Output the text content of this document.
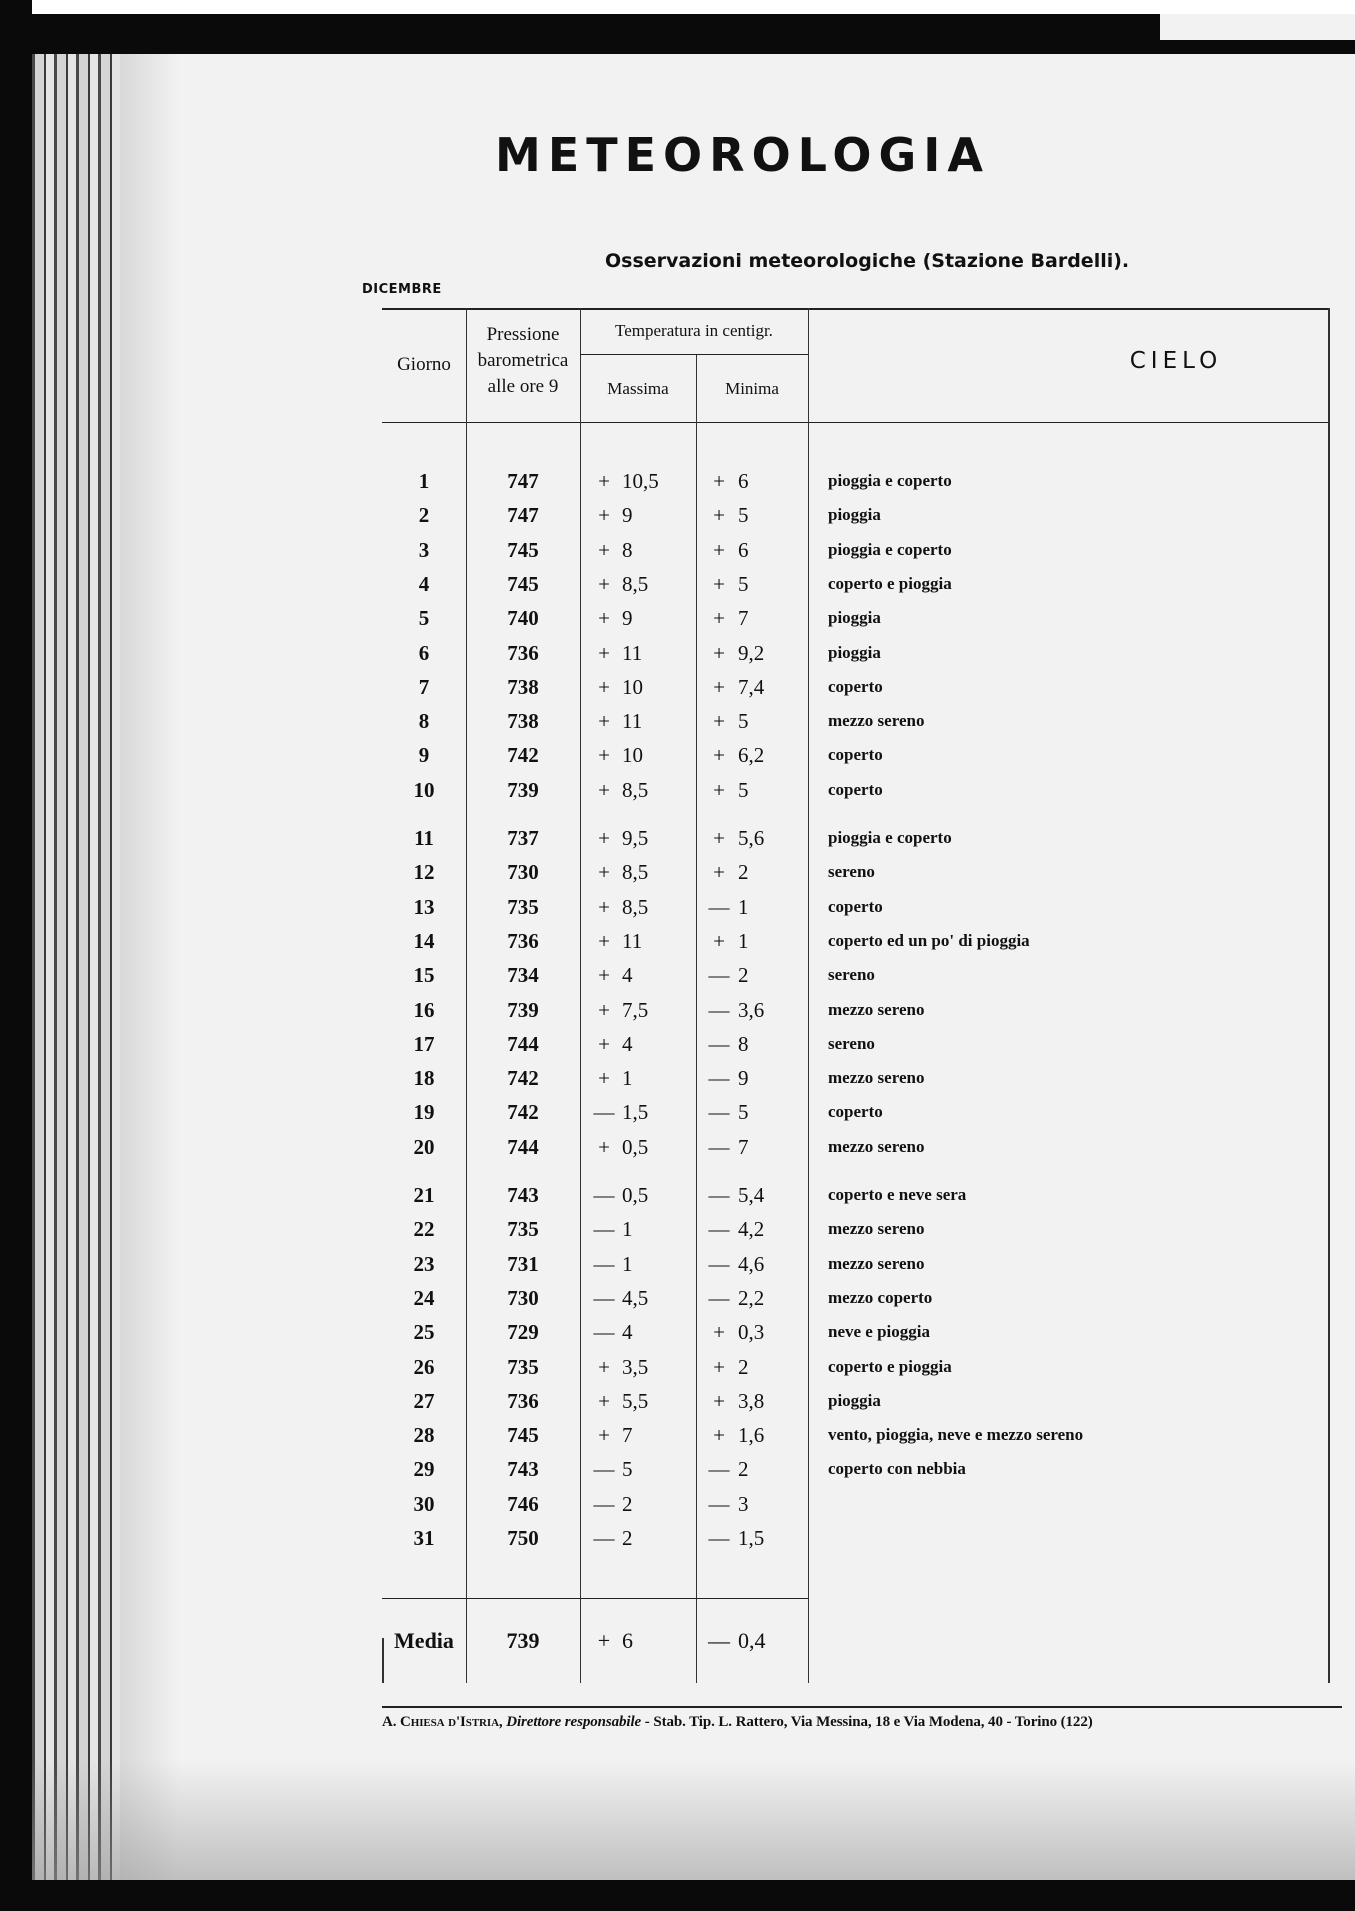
METEOROLOGIA
Osservazioni meteorologiche (Stazione Bardelli).
DICEMBRE
Giorno
Pressione
barometrica
alle ore 9
Temperatura in centigr.
Massima	Minima
CIELO
1	747	+ 10,5	+ 6	pioggia e coperto
2	747	+ 9	+ 5	pioggia
3	745	+ 8	+ 6	pioggia e coperto
4	745	+ 8,5	+ 5	coperto e pioggia
5	740	+ 9	+ 7	pioggia
6	736	+ 11	+ 9,2	pioggia
7	738	+ 10	+ 7,4	coperto
8	738	+ 11	+ 5	mezzo sereno
9	742	+ 10	+ 6,2	coperto
10	739	+ 8,5	+ 5	coperto
11	737	+ 9,5	+ 5,6	pioggia e coperto
12	730	+ 8,5	+ 2	sereno
13	735	+ 8,5	— 1	coperto
14	736	+ 11	+ 1	coperto ed un po' di pioggia
15	734	+ 4	— 2	sereno
16	739	+ 7,5	— 3,6	mezzo sereno
17	744	+ 4	— 8	sereno
18	742	+ 1	— 9	mezzo sereno
19	742	— 1,5	— 5	coperto
20	744	+ 0,5	— 7	mezzo sereno
21	743	— 0,5	— 5,4	coperto e neve sera
22	735	— 1	— 4,2	mezzo sereno
23	731	— 1	— 4,6	mezzo sereno
24	730	— 4,5	— 2,2	mezzo coperto
25	729	— 4	+ 0,3	neve e pioggia
26	735	+ 3,5	+ 2	coperto e pioggia
27	736	+ 5,5	+ 3,8	pioggia
28	745	+ 7	+ 1,6	vento, pioggia, neve e mezzo sereno
29	743	— 5	— 2	coperto con nebbia
30	746	— 2	— 3
31	750	— 2	— 1,5
Media	739	+ 6	— 0,4
A. Chiesa d'Istria, Direttore responsabile - Stab. Tip. L. Rattero, Via Messina, 18 e Via Modena, 40 - Torino (122)
